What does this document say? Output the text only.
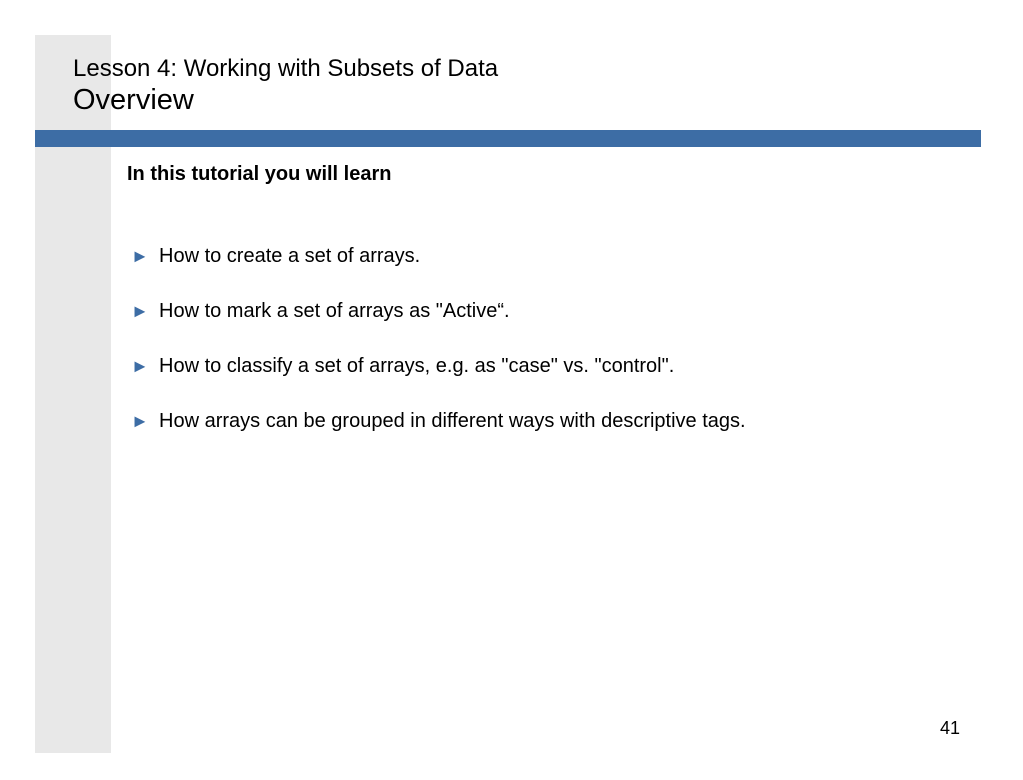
Lesson 4: Working with Subsets of Data
Overview
In this tutorial you will learn
► How to create a set of arrays.
► How to mark a set of arrays as "Active“.
► How to classify a set of arrays, e.g. as "case" vs. "control".
► How arrays can be grouped in different ways with descriptive tags.
41
